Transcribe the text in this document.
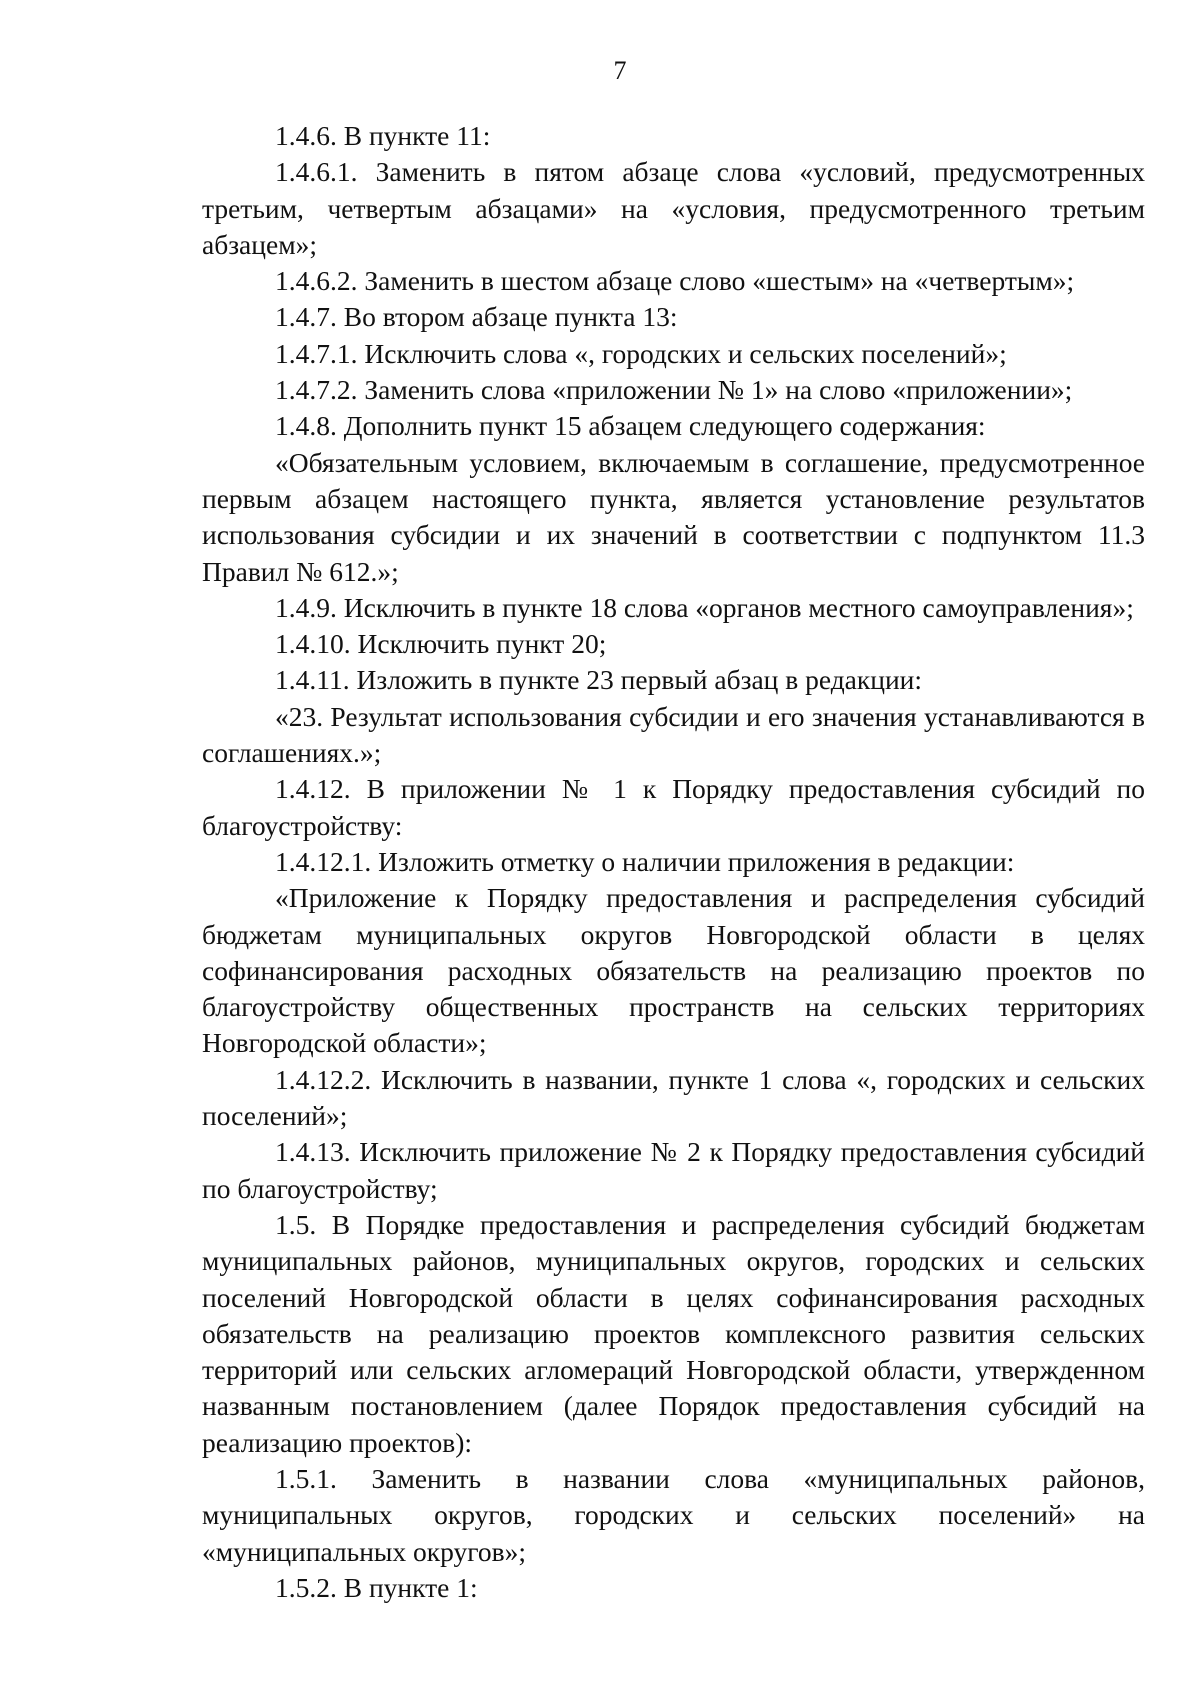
7

1.4.6. В пункте 11:

1.4.6.1. Заменить в пятом абзаце слова «условий, предусмотренных третьим, четвертым абзацами» на «условия, предусмотренного третьим абзацем»;

1.4.6.2. Заменить в шестом абзаце слово «шестым» на «четвертым»;

1.4.7. Во втором абзаце пункта 13:

1.4.7.1. Исключить слова «, городских и сельских поселений»;

1.4.7.2. Заменить слова «приложении № 1» на слово «приложении»;

1.4.8. Дополнить пункт 15 абзацем следующего содержания:

«Обязательным условием, включаемым в соглашение, предусмотренное первым абзацем настоящего пункта, является установление результатов использования субсидии и их значений в соответствии с подпунктом 11.3 Правил № 612.»;

1.4.9. Исключить в пункте 18 слова «органов местного самоуправления»;

1.4.10. Исключить пункт 20;

1.4.11. Изложить в пункте 23 первый абзац в редакции:

«23. Результат использования субсидии и его значения устанавливаются в соглашениях.»;

1.4.12. В приложении № 1 к Порядку предоставления субсидий по благоустройству:

1.4.12.1. Изложить отметку о наличии приложения в редакции:

«Приложение к Порядку предоставления и распределения субсидий бюджетам муниципальных округов Новгородской области в целях софинансирования расходных обязательств на реализацию проектов по благоустройству общественных пространств на сельских территориях Новгородской области»;

1.4.12.2. Исключить в названии, пункте 1 слова «, городских и сельских поселений»;

1.4.13. Исключить приложение № 2 к Порядку предоставления субсидий по благоустройству;

1.5. В Порядке предоставления и распределения субсидий бюджетам муниципальных районов, муниципальных округов, городских и сельских поселений Новгородской области в целях софинансирования расходных обязательств на реализацию проектов комплексного развития сельских территорий или сельских агломераций Новгородской области, утвержденном названным постановлением (далее Порядок предоставления субсидий на реализацию проектов):

1.5.1. Заменить в названии слова «муниципальных районов, муниципальных округов, городских и сельских поселений» на «муниципальных округов»;

1.5.2. В пункте 1:
